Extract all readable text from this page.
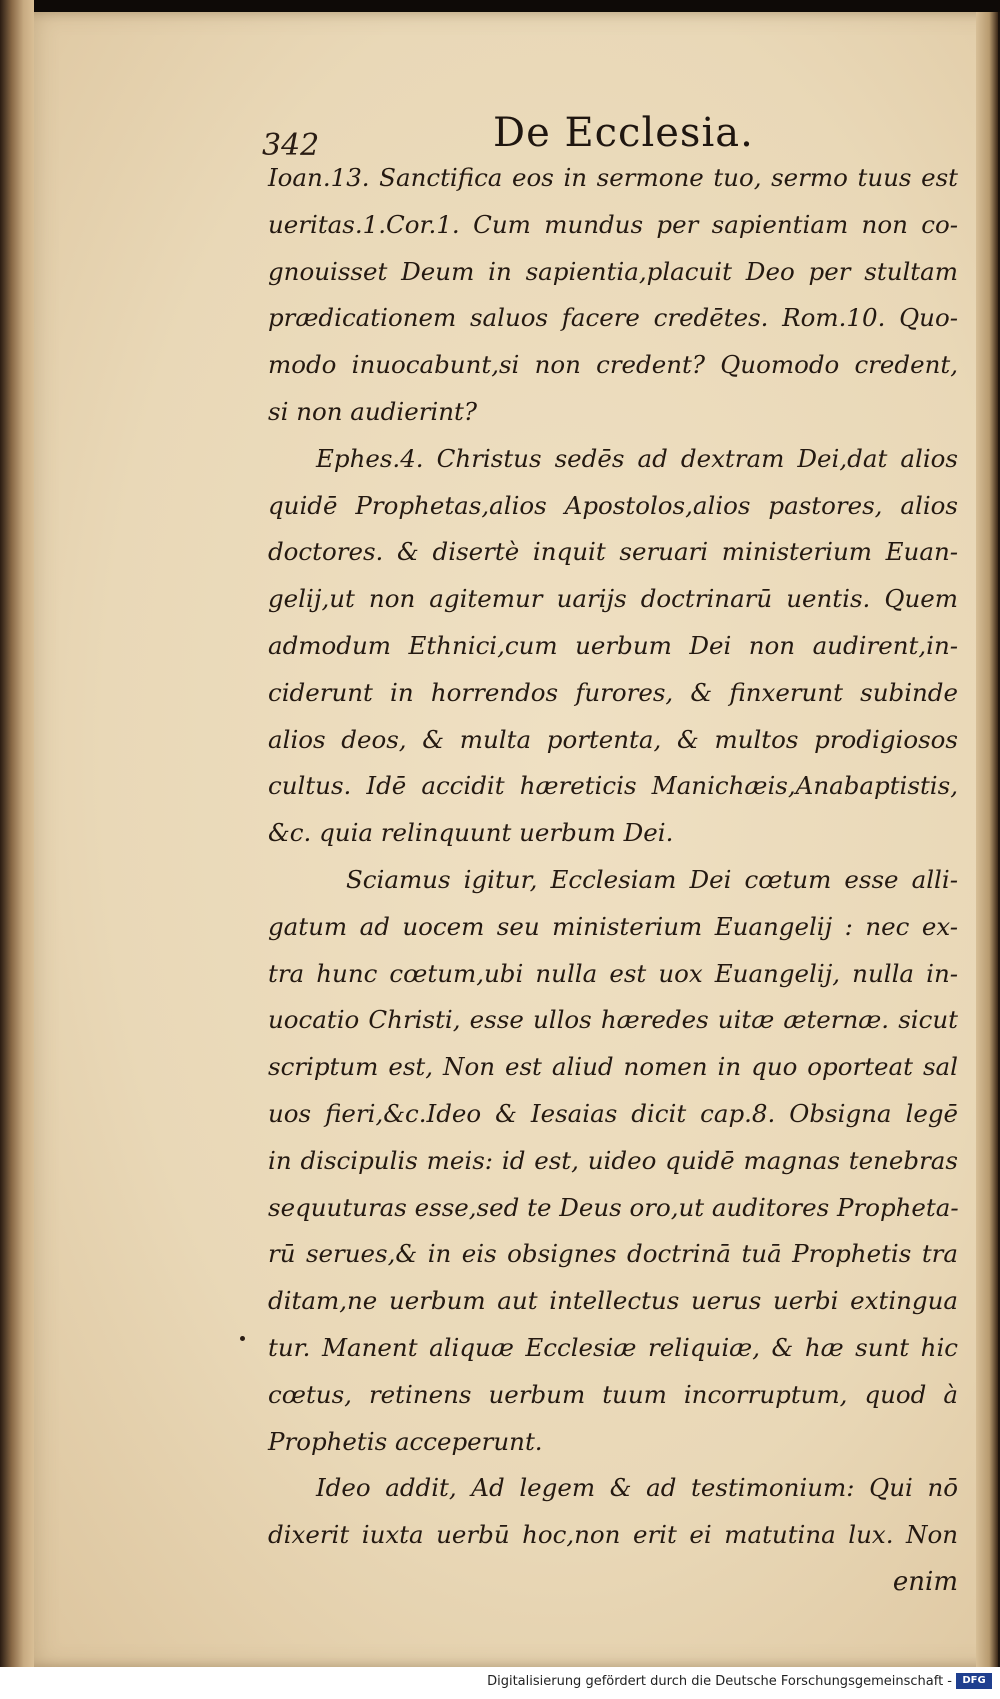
342	De Ecclesia.
Ioan.13. Sanctifica eos in sermone tuo, sermo tuus est
ueritas.1.Cor.1. Cum mundus per sapientiam non co-
gnouisset Deum in sapientia,placuit Deo per stultam
prædicationem saluos facere credētes. Rom.10. Quo-
modo inuocabunt,si non credent? Quomodo credent,
si non audierint?
Ephes.4. Christus sedēs ad dextram Dei,dat alios
quidē Prophetas,alios Apostolos,alios pastores, alios
doctores. & disertè inquit seruari ministerium Euan-
gelij,ut non agitemur uarijs doctrinarū uentis. Quem
admodum Ethnici,cum uerbum Dei non audirent,in-
ciderunt in horrendos furores, & finxerunt subinde
alios deos, & multa portenta, & multos prodigiosos
cultus. Idē accidit hæreticis Manichæis,Anabaptistis,
&c. quia relinquunt uerbum Dei.
Sciamus igitur, Ecclesiam Dei cœtum esse alli-
gatum ad uocem seu ministerium Euangelij : nec ex-
tra hunc cœtum,ubi nulla est uox Euangelij, nulla in-
uocatio Christi, esse ullos hæredes uitæ æternæ. sicut
scriptum est, Non est aliud nomen in quo oporteat sal
uos fieri,&c.Ideo & Iesaias dicit cap.8. Obsigna legē
in discipulis meis: id est, uideo quidē magnas tenebras
sequuturas esse,sed te Deus oro,ut auditores Propheta-
rū serues,& in eis obsignes doctrinā tuā Prophetis tra
ditam,ne uerbum aut intellectus uerus uerbi extingua
tur. Manent aliquæ Ecclesiæ reliquiæ, & hæ sunt hic
cœtus, retinens uerbum tuum incorruptum, quod à
Prophetis acceperunt.
Ideo addit, Ad legem & ad testimonium: Qui nō
dixerit iuxta uerbū hoc,non erit ei matutina lux. Non
enim
Digitalisierung gefördert durch die Deutsche Forschungsgemeinschaft -	DFG
